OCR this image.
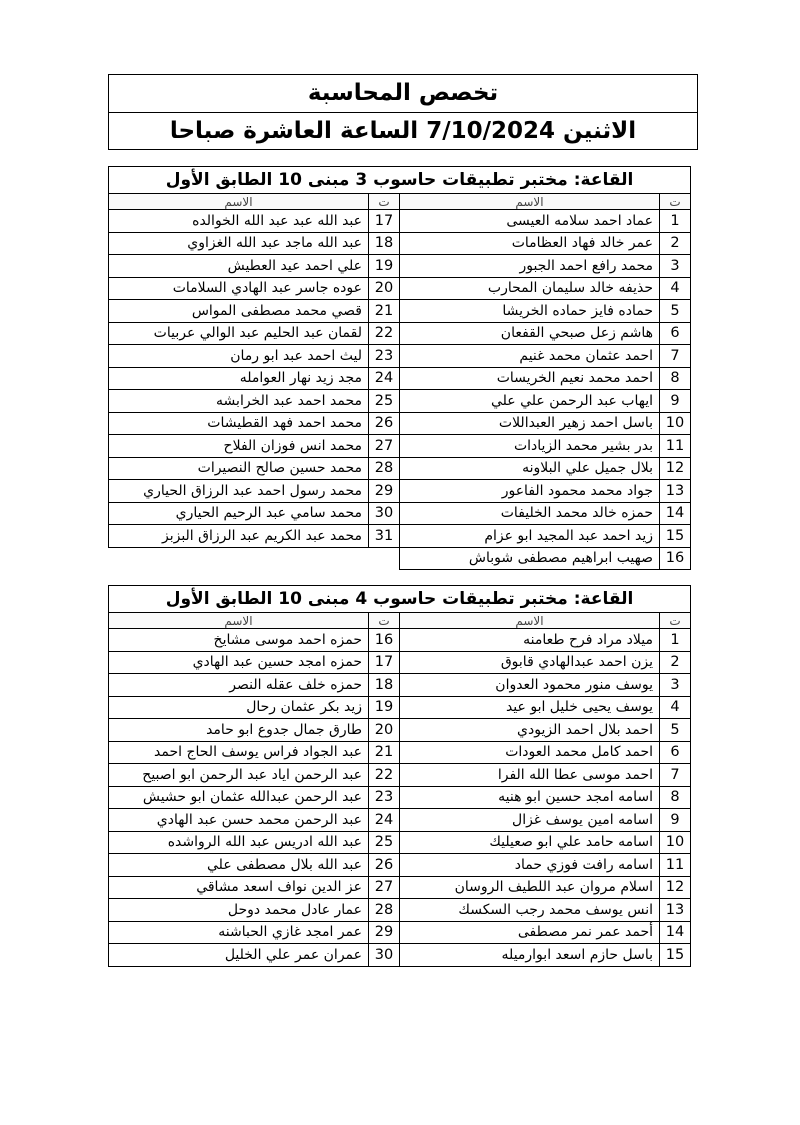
تخصص المحاسبة
الاثنين 7/10/2024 الساعة العاشرة صباحا
القاعة: مختبر تطبيقات حاسوب 3 مبنى 10 الطابق الأول			
ت	الاسم	ت	الاسم
1	عماد احمد سلامه العيسى	17	عبد الله عبد عبد الله الخوالده
2	عمر خالد فهاد العظامات	18	عبد الله ماجد عبد الله الغزاوي
3	محمد رافع احمد الجبور	19	علي احمد عيد العطيش
4	حذيفه خالد سليمان المحارب	20	عوده جاسر عبد الهادي السلامات
5	حماده فايز حماده الخريشا	21	قصي محمد مصطفى المواس
6	هاشم زعل صبحي القفعان	22	لقمان عبد الحليم عبد الوالي عربيات
7	احمد عثمان محمد غنيم	23	ليث احمد عبد ابو رمان
8	احمد محمد نعيم الخريسات	24	مجد زيد نهار العوامله
9	ايهاب عبد الرحمن علي علي	25	محمد احمد عبد الخرابشه
10	باسل احمد زهير العبداللات	26	محمد احمد فهد القطيشات
11	بدر بشير محمد الزيادات	27	محمد انس فوزان الفلاح
12	بلال جميل علي البلاونه	28	محمد حسين صالح النصيرات
13	جواد محمد محمود الفاعور	29	محمد رسول احمد عبد الرزاق الحياري
14	حمزه خالد محمد الخليفات	30	محمد سامي عبد الرحيم الحياري
15	زيد احمد عبد المجيد ابو عزام	31	محمد عبد الكريم عبد الرزاق البزبز
16	صهيب ابراهيم مصطفى شوباش		
القاعة: مختبر تطبيقات حاسوب 4 مبنى 10 الطابق الأول			
ت	الاسم	ت	الاسم
1	ميلاد مراد فرح طعامنه	16	حمزه احمد موسى مشايخ
2	يزن احمد عبدالهادي قابوق	17	حمزه امجد حسين عبد الهادي
3	يوسف منور محمود العدوان	18	حمزه خلف عقله النصر
4	يوسف يحيى خليل ابو عيد	19	زيد بكر عثمان رحال
5	احمد بلال احمد الزيودي	20	طارق جمال جدوع ابو حامد
6	احمد كامل محمد العودات	21	عبد الجواد فراس يوسف الحاج احمد
7	احمد موسى عطا الله الفرا	22	عبد الرحمن اياد عبد الرحمن ابو اصبيح
8	اسامه امجد حسين ابو هنيه	23	عبد الرحمن عبدالله عثمان ابو حشيش
9	اسامه امين يوسف غزال	24	عبد الرحمن محمد حسن عبد الهادي
10	اسامه حامد علي ابو صعيليك	25	عبد الله ادريس عبد الله الرواشده
11	اسامه رافت فوزي حماد	26	عبد الله بلال مصطفى علي
12	اسلام مروان عبد اللطيف الروسان	27	عز الدين نواف اسعد مشاقي
13	انس يوسف محمد رجب السكسك	28	عمار عادل محمد دوحل
14	أحمد عمر نمر مصطفى	29	عمر امجد غازي الحباشنه
15	باسل حازم اسعد ابوارميله	30	عمران عمر علي الخليل
